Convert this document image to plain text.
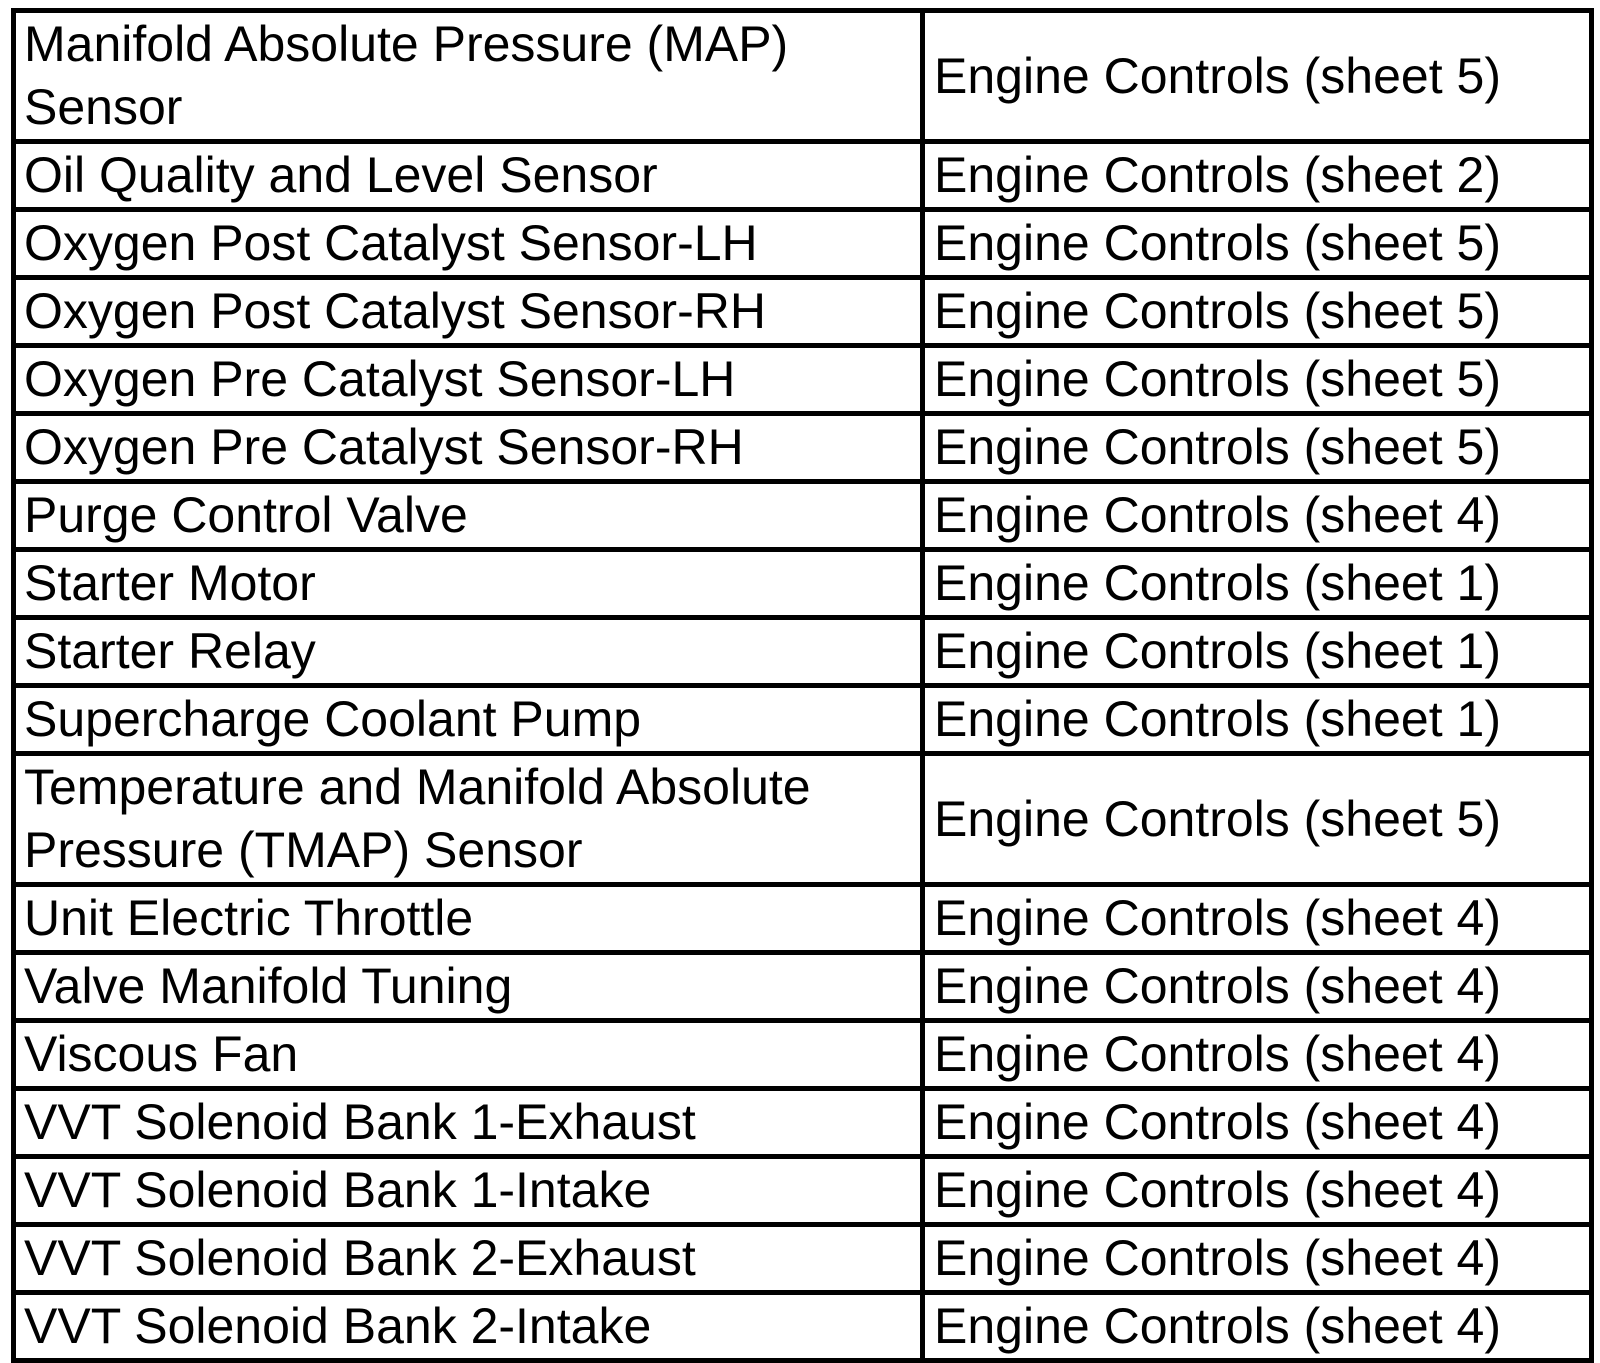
Manifold Absolute Pressure (MAP) Sensor	Engine Controls (sheet 5)
Oil Quality and Level Sensor	Engine Controls (sheet 2)
Oxygen Post Catalyst Sensor-LH	Engine Controls (sheet 5)
Oxygen Post Catalyst Sensor-RH	Engine Controls (sheet 5)
Oxygen Pre Catalyst Sensor-LH	Engine Controls (sheet 5)
Oxygen Pre Catalyst Sensor-RH	Engine Controls (sheet 5)
Purge Control Valve	Engine Controls (sheet 4)
Starter Motor	Engine Controls (sheet 1)
Starter Relay	Engine Controls (sheet 1)
Supercharge Coolant Pump	Engine Controls (sheet 1)
Temperature and Manifold Absolute Pressure (TMAP) Sensor	Engine Controls (sheet 5)
Unit Electric Throttle	Engine Controls (sheet 4)
Valve Manifold Tuning	Engine Controls (sheet 4)
Viscous Fan	Engine Controls (sheet 4)
VVT Solenoid Bank 1-Exhaust	Engine Controls (sheet 4)
VVT Solenoid Bank 1-Intake	Engine Controls (sheet 4)
VVT Solenoid Bank 2-Exhaust	Engine Controls (sheet 4)
VVT Solenoid Bank 2-Intake	Engine Controls (sheet 4)
